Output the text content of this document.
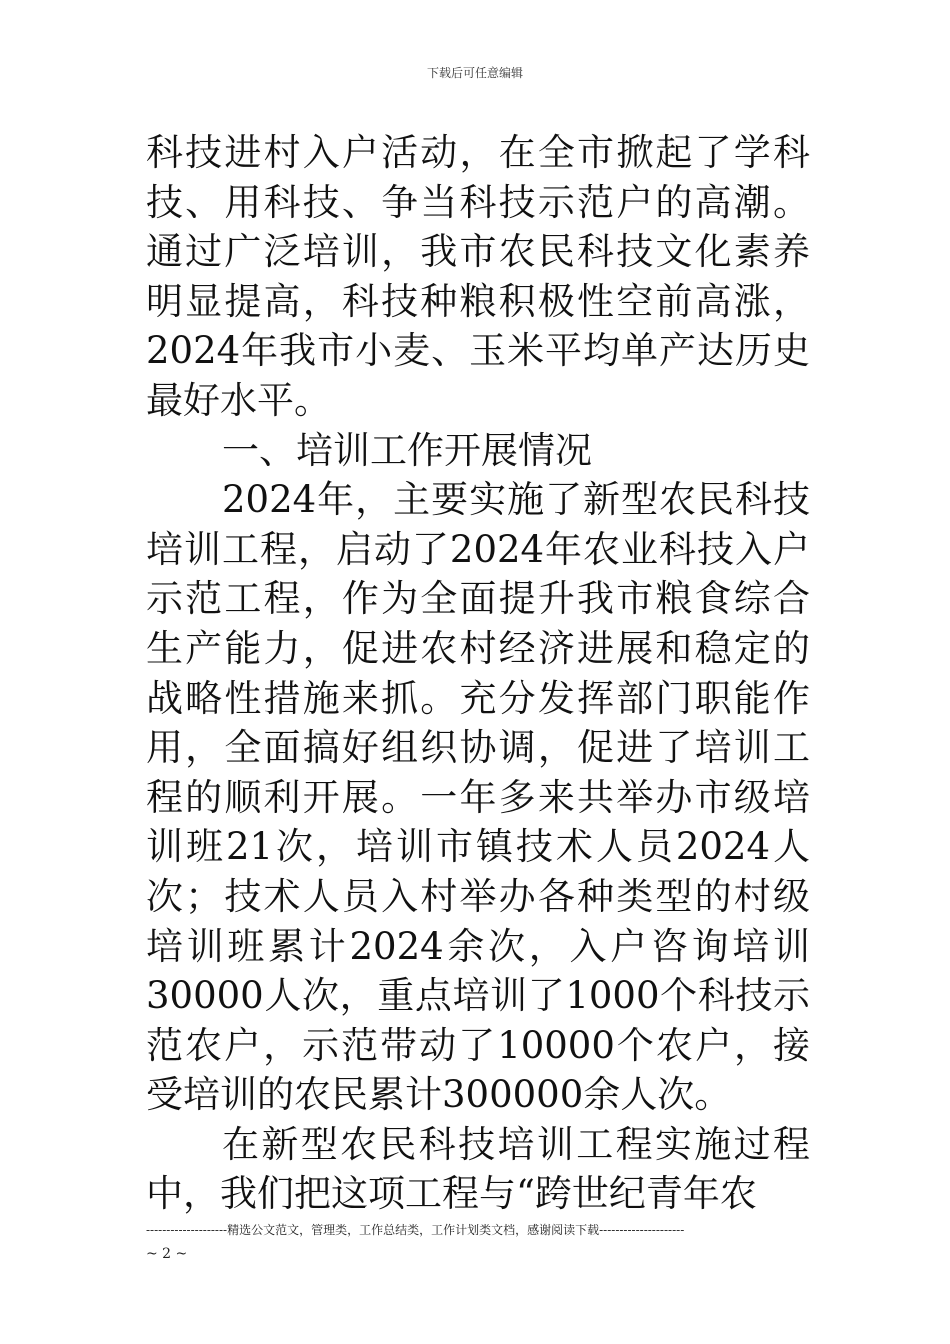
下载后可任意编辑

科技进村入户活动，在全市掀起了学科技、用科技、争当科技示范户的高潮。通过广泛培训，我市农民科技文化素养明显提高，科技种粮积极性空前高涨，2024年我市小麦、玉米平均单产达历史最好水平。

一、培训工作开展情况

2024年，主要实施了新型农民科技培训工程，启动了2024年农业科技入户示范工程，作为全面提升我市粮食综合生产能力，促进农村经济进展和稳定的战略性措施来抓。充分发挥部门职能作用，全面搞好组织协调，促进了培训工程的顺利开展。一年多来共举办市级培训班21次，培训市镇技术人员2024人次；技术人员入村举办各种类型的村级培训班累计2024余次，入户咨询培训30000人次，重点培训了1000个科技示范农户，示范带动了10000个农户，接受培训的农民累计300000余人次。

在新型农民科技培训工程实施过程中，我们把这项工程与“跨世纪青年农

--------------------精选公文范文，管理类，工作总结类，工作计划类文档，感谢阅读下载---------------------
~ 2 ~
